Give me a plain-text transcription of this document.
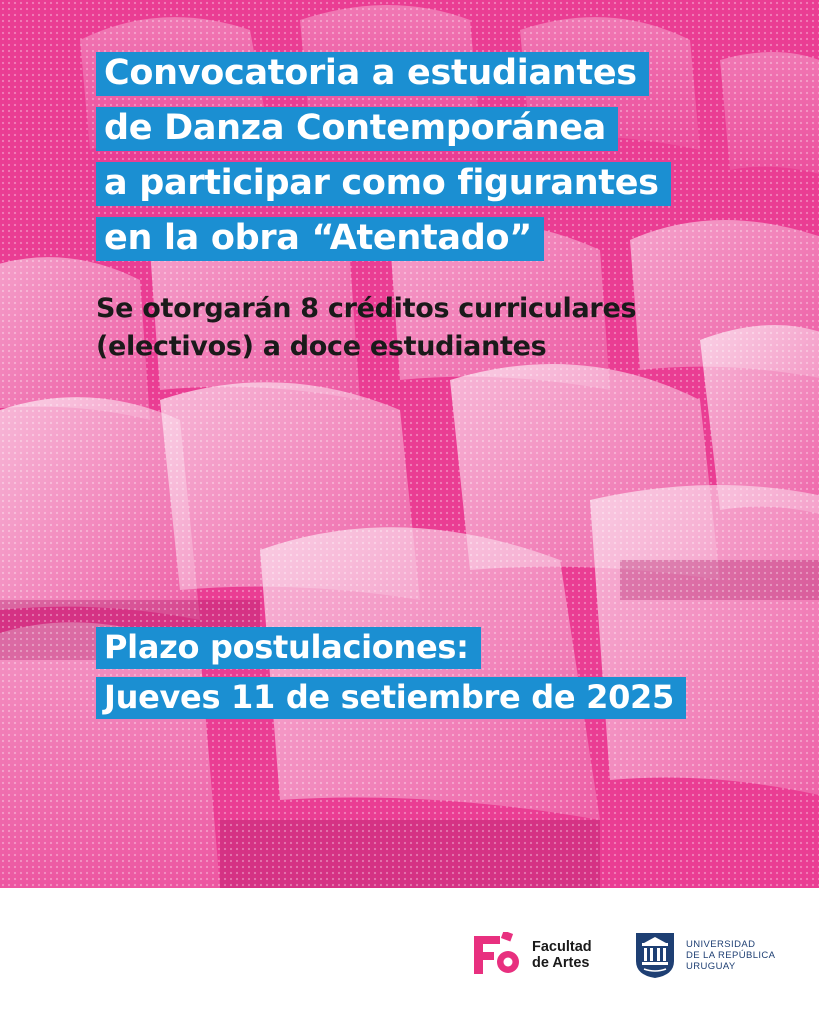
Convocatoria a estudiantes
de Danza Contemporánea
a participar como figurantes
en la obra “Atentado”

Se otorgarán 8 créditos curriculares
(electivos) a doce estudiantes

Plazo postulaciones:
Jueves 11 de setiembre de 2025

Facultad
de Artes
UNIVERSIDAD
DE LA REPÚBLICA
URUGUAY
